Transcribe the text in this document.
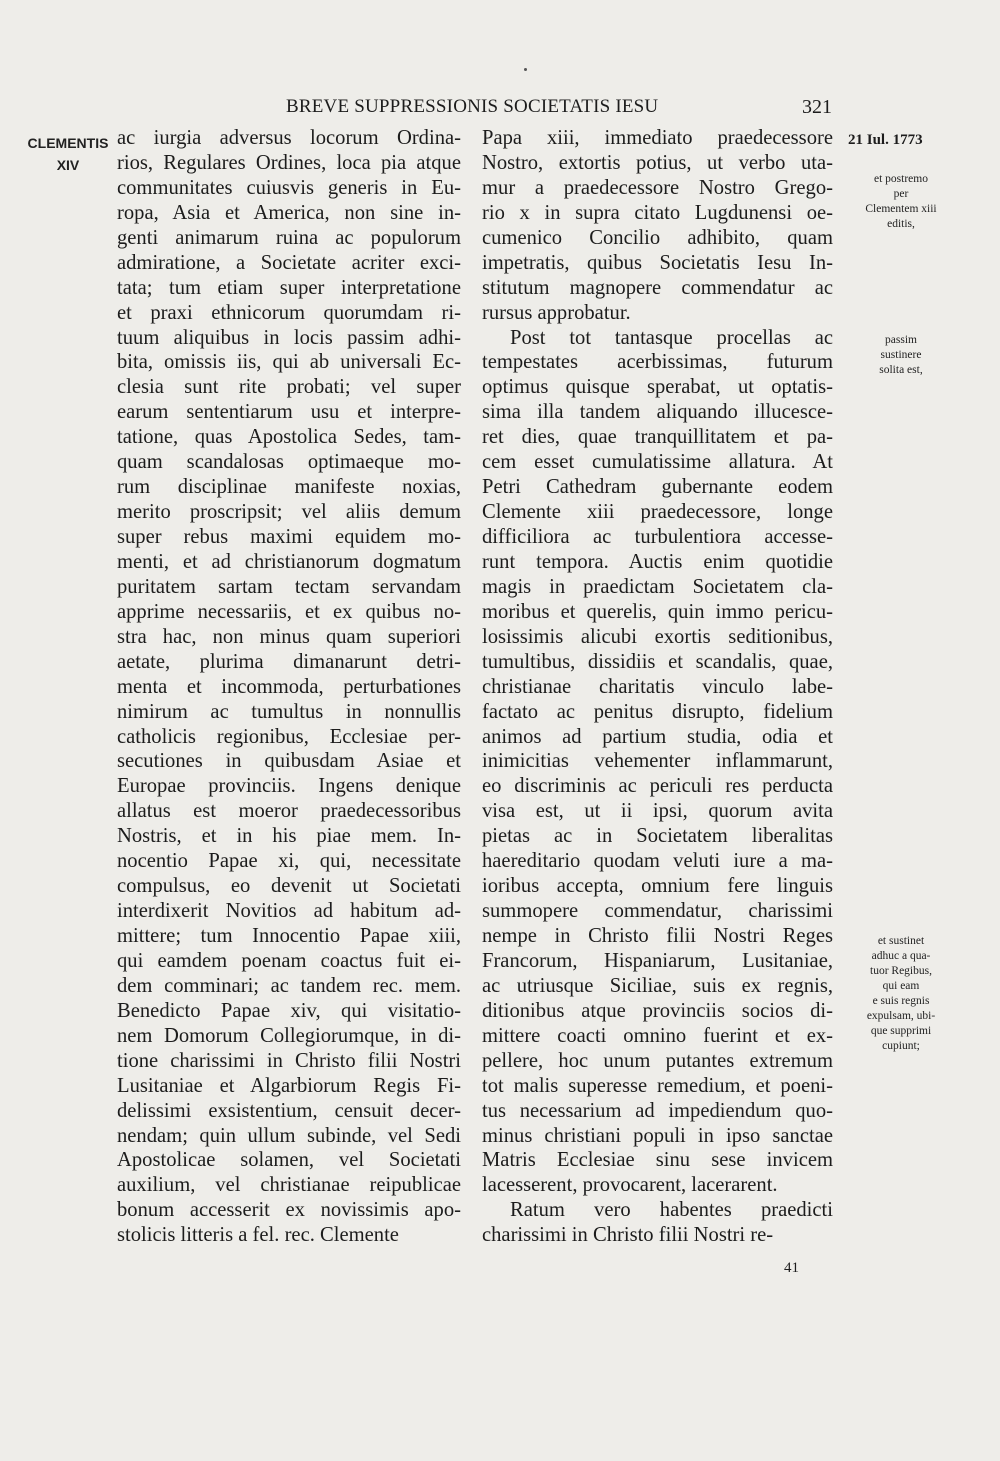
BREVE SUPPRESSIONIS SOCIETATIS IESU	321
CLEMENTIS
XIV
ac iurgia adversus locorum Ordina-
rios, Regulares Ordines, loca pia atque
communitates cuiusvis generis in Eu-
ropa, Asia et America, non sine in-
genti animarum ruina ac populorum
admiratione, a Societate acriter exci-
tata; tum etiam super interpretatione
et praxi ethnicorum quorumdam ri-
tuum aliquibus in locis passim adhi-
bita, omissis iis, qui ab universali Ec-
clesia sunt rite probati; vel super
earum sententiarum usu et interpre-
tatione, quas Apostolica Sedes, tam-
quam scandalosas optimaeque mo-
rum disciplinae manifeste noxias,
merito proscripsit; vel aliis demum
super rebus maximi equidem mo-
menti, et ad christianorum dogmatum
puritatem sartam tectam servandam
apprime necessariis, et ex quibus no-
stra hac, non minus quam superiori
aetate, plurima dimanarunt detri-
menta et incommoda, perturbationes
nimirum ac tumultus in nonnullis
catholicis regionibus, Ecclesiae per-
secutiones in quibusdam Asiae et
Europae provinciis. Ingens denique
allatus est moeror praedecessoribus
Nostris, et in his piae mem. In-
nocentio Papae xi, qui, necessitate
compulsus, eo devenit ut Societati
interdixerit Novitios ad habitum ad-
mittere; tum Innocentio Papae xiii,
qui eamdem poenam coactus fuit ei-
dem comminari; ac tandem rec. mem.
Benedicto Papae xiv, qui visitatio-
nem Domorum Collegiorumque, in di-
tione charissimi in Christo filii Nostri
Lusitaniae et Algarbiorum Regis Fi-
delissimi exsistentium, censuit decer-
nendam; quin ullum subinde, vel Sedi
Apostolicae solamen, vel Societati
auxilium, vel christianae reipublicae
bonum accesserit ex novissimis apo-
stolicis litteris a fel. rec. Clemente
Papa xiii, immediato praedecessore
Nostro, extortis potius, ut verbo uta-
mur a praedecessore Nostro Grego-
rio x in supra citato Lugdunensi oe-
cumenico Concilio adhibito, quam
impetratis, quibus Societatis Iesu In-
stitutum magnopere commendatur ac
rursus approbatur.
Post tot tantasque procellas ac
tempestates acerbissimas, futurum
optimus quisque sperabat, ut optatis-
sima illa tandem aliquando illucesce-
ret dies, quae tranquillitatem et pa-
cem esset cumulatissime allatura. At
Petri Cathedram gubernante eodem
Clemente xiii praedecessore, longe
difficiliora ac turbulentiora accesse-
runt tempora. Auctis enim quotidie
magis in praedictam Societatem cla-
moribus et querelis, quin immo pericu-
losissimis alicubi exortis seditionibus,
tumultibus, dissidiis et scandalis, quae,
christianae charitatis vinculo labe-
factato ac penitus disrupto, fidelium
animos ad partium studia, odia et
inimicitias vehementer inflammarunt,
eo discriminis ac periculi res perducta
visa est, ut ii ipsi, quorum avita
pietas ac in Societatem liberalitas
haereditario quodam veluti iure a ma-
ioribus accepta, omnium fere linguis
summopere commendatur, charissimi
nempe in Christo filii Nostri Reges
Francorum, Hispaniarum, Lusitaniae,
ac utriusque Siciliae, suis ex regnis,
ditionibus atque provinciis socios di-
mittere coacti omnino fuerint et ex-
pellere, hoc unum putantes extremum
tot malis superesse remedium, et poeni-
tus necessarium ad impediendum quo-
minus christiani populi in ipso sanctae
Matris Ecclesiae sinu sese invicem
lacesserent, provocarent, lacerarent.
Ratum vero habentes praedicti
charissimi in Christo filii Nostri re-
21 Iul. 1773
et postremo
per
Clementem xiii
editis,
passim
sustinere
solita est,
et sustinet
adhuc a qua-
tuor Regibus,
qui eam
e suis regnis
expulsam, ubi-
que supprimi
cupiunt;
41
